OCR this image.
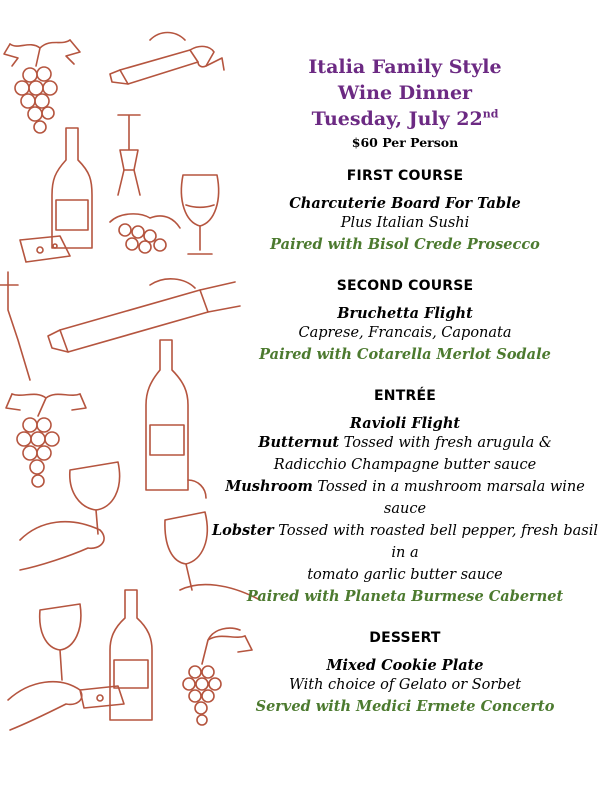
Italia Family Style
Wine Dinner
Tuesday, July 22nd
$60 Per Person
FIRST COURSE
Charcuterie Board For Table
Plus Italian Sushi
Paired with Bisol Crede Prosecco
SECOND COURSE
Bruchetta Flight
Caprese, Francais, Caponata
Paired with Cotarella Merlot Sodale
ENTRÉE
Ravioli Flight
Butternut Tossed with fresh arugula &
Radicchio Champagne butter sauce
Mushroom Tossed in a mushroom marsala wine sauce
Lobster Tossed with roasted bell pepper, fresh basil in a
tomato garlic butter sauce
Paired with Planeta Burmese Cabernet
DESSERT
Mixed Cookie Plate
With choice of Gelato or Sorbet
Served with Medici Ermete Concerto
